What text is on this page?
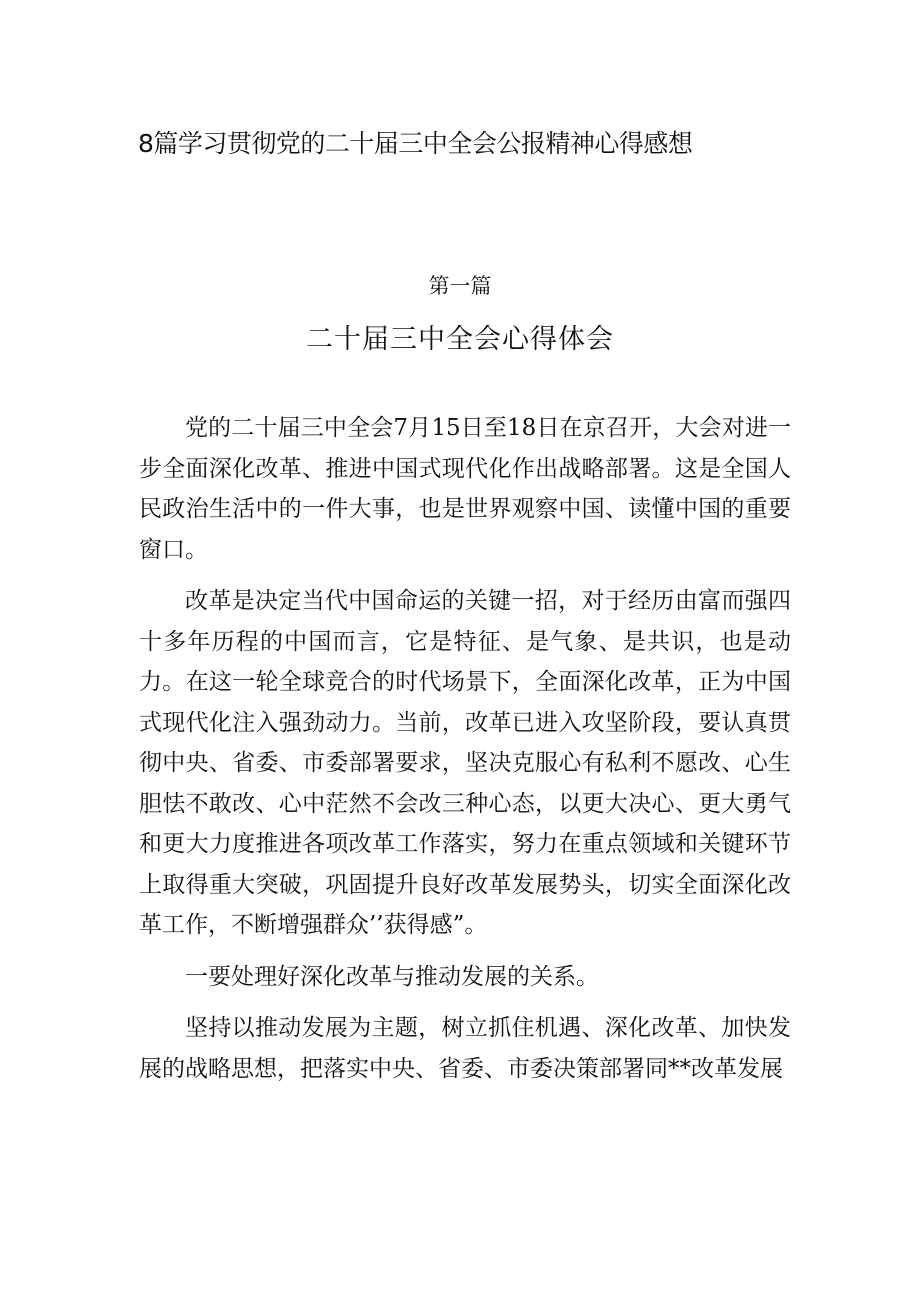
8篇学习贯彻党的二十届三中全会公报精神心得感想
第一篇
二十届三中全会心得体会

党的二十届三中全会7月15日至18日在京召开，大会对进一步全面深化改革、推进中国式现代化作出战略部署。这是全国人民政治生活中的一件大事，也是世界观察中国、读懂中国的重要窗口。

改革是决定当代中国命运的关键一招，对于经历由富而强四十多年历程的中国而言，它是特征、是气象、是共识，也是动力。在这一轮全球竞合的时代场景下，全面深化改革，正为中国式现代化注入强劲动力。当前，改革已进入攻坚阶段，要认真贯彻中央、省委、市委部署要求，坚决克服心有私利不愿改、心生胆怯不敢改、心中茫然不会改三种心态，以更大决心、更大勇气和更大力度推进各项改革工作落实，努力在重点领域和关键环节上取得重大突破，巩固提升良好改革发展势头，切实全面深化改革工作，不断增强群众’’获得感”。

一要处理好深化改革与推动发展的关系。

坚持以推动发展为主题，树立抓住机遇、深化改革、加快发展的战略思想，把落实中央、省委、市委决策部署同**改革发展
